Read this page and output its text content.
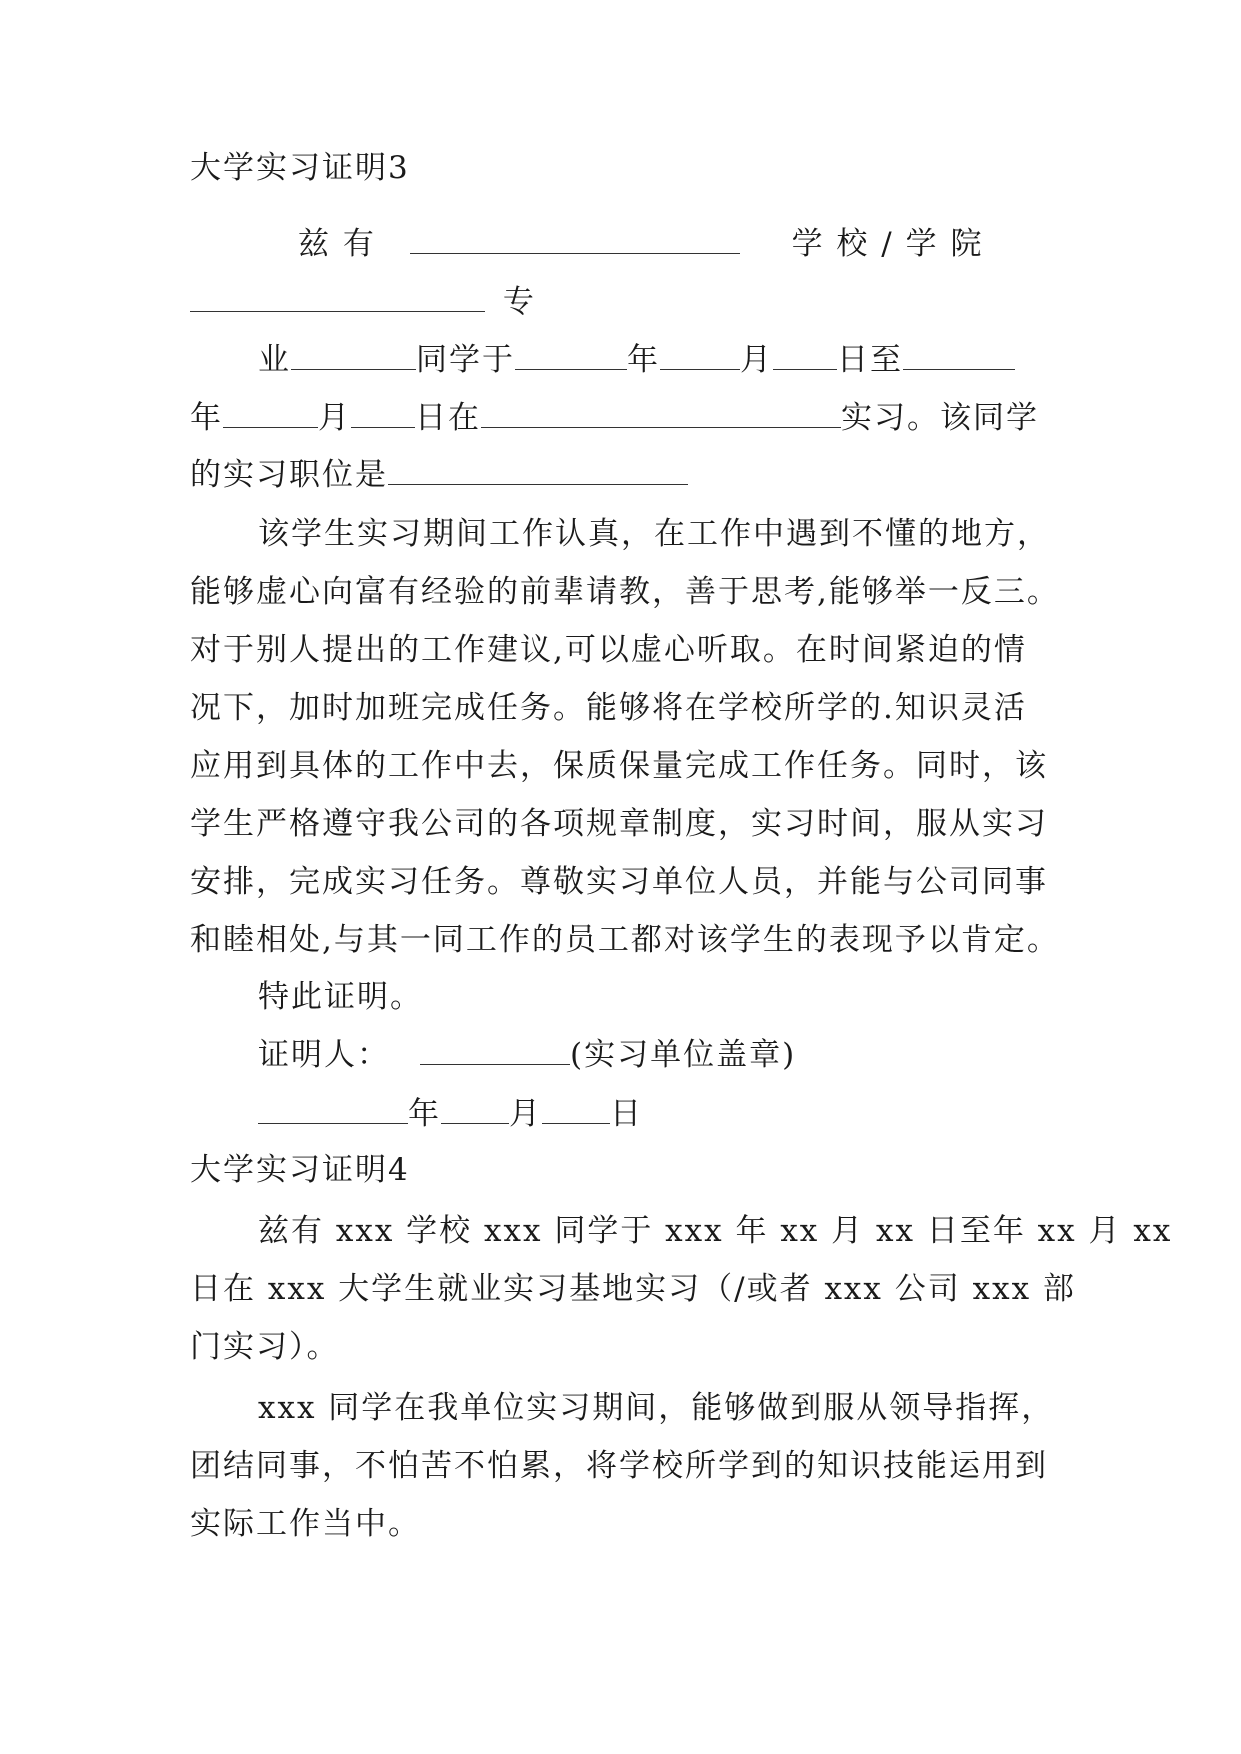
大学实习证明3
兹 有	学 校 / 学 院
专
业	同学于	年	月 日至
年	月 日在	实习。该同学
的实习职位是
该学生实习期间工作认真，在工作中遇到不懂的地方，
能够虚心向富有经验的前辈请教，善于思考,能够举一反三。
对于别人提出的工作建议,可以虚心听取。在时间紧迫的情
况下，加时加班完成任务。能够将在学校所学的.知识灵活
应用到具体的工作中去，保质保量完成工作任务。同时，该
学生严格遵守我公司的各项规章制度，实习时间，服从实习
安排，完成实习任务。尊敬实习单位人员，并能与公司同事
和睦相处,与其一同工作的员工都对该学生的表现予以肯定。
特此证明。
证明人：	(实习单位盖章)
年 月 日
大学实习证明4
兹有 xxx 学校 xxx 同学于 xxx 年 xx 月 xx 日至年 xx 月 xx
日在 xxx 大学生就业实习基地实习（/或者 xxx 公司 xxx 部
门实习）。
xxx 同学在我单位实习期间，能够做到服从领导指挥，
团结同事，不怕苦不怕累，将学校所学到的知识技能运用到
实际工作当中。
